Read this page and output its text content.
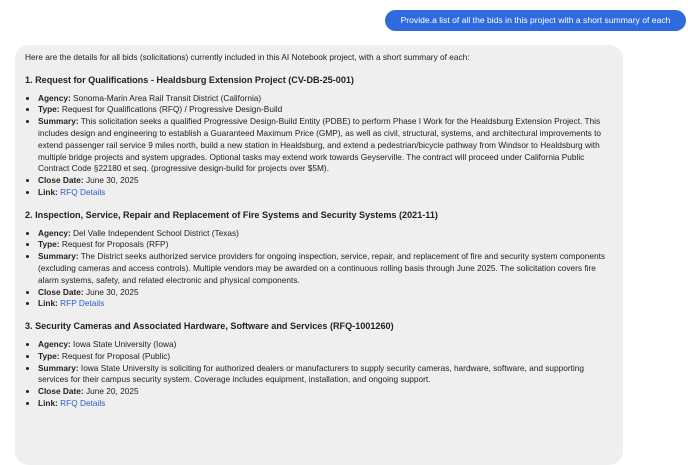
Provide.a list of all the bids in this project with a short summary of each

Here are the details for all bids (solicitations) currently included in this AI Notebook project, with a short summary of each:

1. Request for Qualifications - Healdsburg Extension Project (CV-DB-25-001)
• Agency: Sonoma-Marin Area Rail Transit District (California)
• Type: Request for Qualifications (RFQ) / Progressive Design-Build
• Summary: This solicitation seeks a qualified Progressive Design-Build Entity (PDBE) to perform Phase I Work for the Healdsburg Extension Project. This includes design and engineering to establish a Guaranteed Maximum Price (GMP), as well as civil, structural, systems, and architectural improvements to extend passenger rail service 9 miles north, build a new station in Healdsburg, and extend a pedestrian/bicycle pathway from Windsor to Healdsburg with multiple bridge projects and system upgrades. Optional tasks may extend work towards Geyserville. The contract will proceed under California Public Contract Code §22180 et seq. (progressive design-build for projects over $5M).
• Close Date: June 30, 2025
• Link: RFQ Details
2. Inspection, Service, Repair and Replacement of Fire Systems and Security Systems (2021-11)
• Agency: Del Valle Independent School District (Texas)
• Type: Request for Proposals (RFP)
• Summary: The District seeks authorized service providers for ongoing inspection, service, repair, and replacement of fire and security system components (excluding cameras and access controls). Multiple vendors may be awarded on a continuous rolling basis through June 2025. The solicitation covers fire alarm systems, safety, and related electronic and physical components.
• Close Date: June 30, 2025
• Link: RFP Details
3. Security Cameras and Associated Hardware, Software and Services (RFQ-1001260)
• Agency: Iowa State University (Iowa)
• Type: Request for Proposal (Public)
• Summary: Iowa State University is soliciting for authorized dealers or manufacturers to supply security cameras, hardware, software, and supporting services for their campus security system. Coverage includes equipment, installation, and ongoing support.
• Close Date: June 20, 2025
• Link: RFQ Details
